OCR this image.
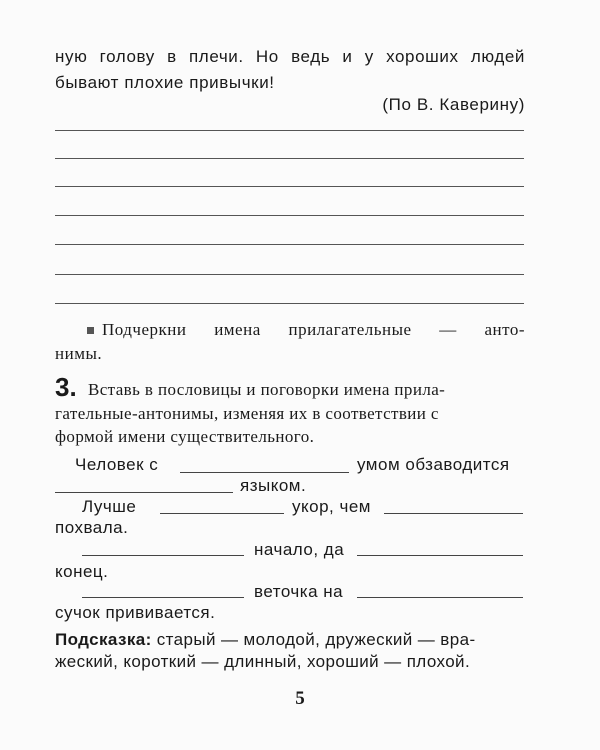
ную голову в плечи. Но ведь и у хороших людей
бывают плохие привычки!
(По В. Каверину)
Подчеркни имена прилагательные — анто-
нимы.
3. Вставь в пословицы и поговорки имена прила-
гательные-антонимы, изменяя их в соответствии с
формой имени существительного.
Человек с	умом обзаводится
языком.
Лучше	укор, чем
похвала.
начало, да
конец.
веточка на
сучок прививается.
Подсказка: старый — молодой, дружеский — вра-
жеский, короткий — длинный, хороший — плохой.
5
